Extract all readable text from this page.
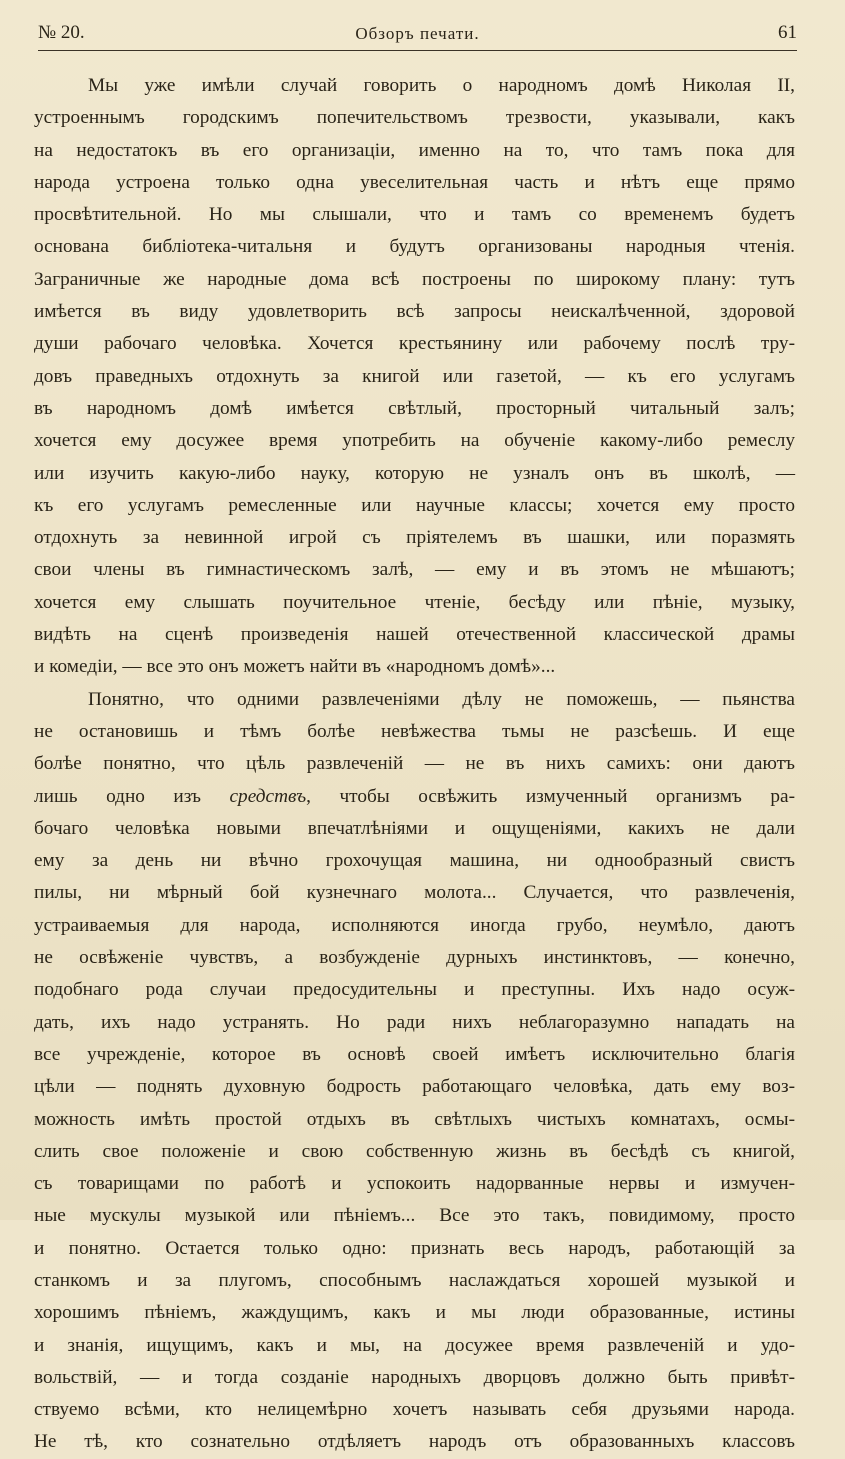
№ 20.	Обзоръ печати.	61
Мы уже имѣли случай говорить о народномъ домѣ Николая II,
устроеннымъ городскимъ попечительствомъ трезвости, указывали, какъ
на недостатокъ въ его организаціи, именно на то, что тамъ пока для
народа устроена только одна увеселительная часть и нѣтъ еще прямо
просвѣтительной. Но мы слышали, что и тамъ со временемъ будетъ
основана библіотека-читальня и будутъ организованы народныя чтенія.
Заграничные же народные дома всѣ построены по широкому плану: тутъ
имѣется въ виду удовлетворить всѣ запросы неискалѣченной, здоровой
души рабочаго человѣка. Хочется крестьянину или рабочему послѣ тру-
довъ праведныхъ отдохнуть за книгой или газетой, — къ его услугамъ
въ народномъ домѣ имѣется свѣтлый, просторный читальный залъ;
хочется ему досужее время употребить на обученіе какому-либо ремеслу
или изучить какую-либо науку, которую не узналъ онъ въ школѣ, —
къ его услугамъ ремесленные или научные классы; хочется ему просто
отдохнуть за невинной игрой съ пріятелемъ въ шашки, или поразмять
свои члены въ гимнастическомъ залѣ, — ему и въ этомъ не мѣшаютъ;
хочется ему слышать поучительное чтеніе, бесѣду или пѣніе, музыку,
видѣть на сценѣ произведенія нашей отечественной классической драмы
и комедіи, — все это онъ можетъ найти въ «народномъ домѣ»...
Понятно, что одними развлеченіями дѣлу не поможешь, — пьянства
не остановишь и тѣмъ болѣе невѣжества тьмы не разсѣешь. И еще
болѣе понятно, что цѣль развлеченій — не въ нихъ самихъ: они даютъ
лишь одно изъ средствъ, чтобы освѣжить измученный организмъ ра-
бочаго человѣка новыми впечатлѣніями и ощущеніями, какихъ не дали
ему за день ни вѣчно грохочущая машина, ни однообразный свистъ
пилы, ни мѣрный бой кузнечнаго молота... Случается, что развлеченія,
устраиваемыя для народа, исполняются иногда грубо, неумѣло, даютъ
не освѣженіе чувствъ, а возбужденіе дурныхъ инстинктовъ, — конечно,
подобнаго рода случаи предосудительны и преступны. Ихъ надо осуж-
дать, ихъ надо устранять. Но ради нихъ неблагоразумно нападать на
все учрежденіе, которое въ основѣ своей имѣетъ исключительно благія
цѣли — поднять духовную бодрость работающаго человѣка, дать ему воз-
можность имѣть простой отдыхъ въ свѣтлыхъ чистыхъ комнатахъ, осмы-
слить свое положеніе и свою собственную жизнь въ бесѣдѣ съ книгой,
съ товарищами по работѣ и успокоить надорванные нервы и измучен-
ные мускулы музыкой или пѣніемъ... Все это такъ, повидимому, просто
и понятно. Остается только одно: признать весь народъ, работающій за
станкомъ и за плугомъ, способнымъ наслаждаться хорошей музыкой и
хорошимъ пѣніемъ, жаждущимъ, какъ и мы люди образованные, истины
и знанія, ищущимъ, какъ и мы, на досужее время развлеченій и удо-
вольствій, — и тогда созданіе народныхъ дворцовъ должно быть привѣт-
ствуемо всѣми, кто нелицемѣрно хочетъ называть себя друзьями народа.
Не тѣ, кто сознательно отдѣляетъ народъ отъ образованныхъ классовъ
